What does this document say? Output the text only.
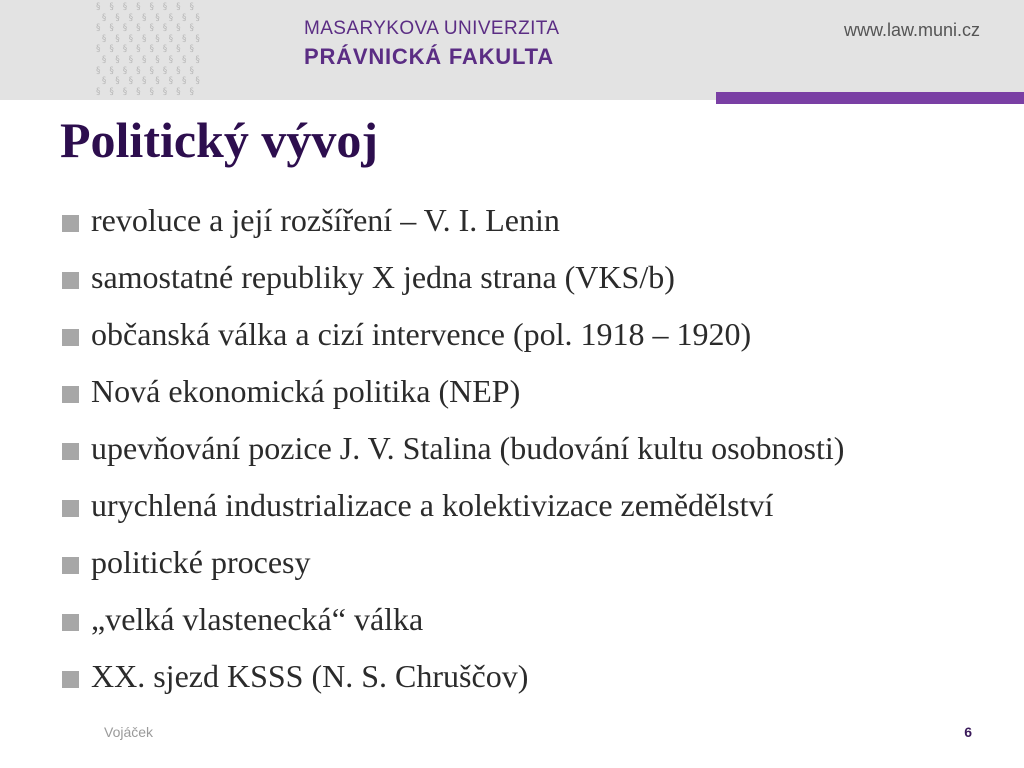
§ § § § § § § §
§ § § § § § § §
§ § § § § § § §
§ § § § § § § §
§ § § § § § § §
§ § § § § § § §
§ § § § § § § §
§ § § § § § § §
§ § § § § § § §
MASARYKOVA UNIVERZITA
PRÁVNICKÁ FAKULTA
www.law.muni.cz
Politický vývoj
revoluce a její rozšíření – V. I. Lenin
samostatné republiky X jedna strana (VKS/b)
občanská válka a cizí intervence (pol. 1918 – 1920)
Nová ekonomická politika (NEP)
upevňování pozice J. V. Stalina (budování kultu osobnosti)
urychlená industrializace a kolektivizace zemědělství
politické procesy
„velká vlastenecká“ válka
XX. sjezd KSSS (N. S. Chruščov)
Vojáček	6
